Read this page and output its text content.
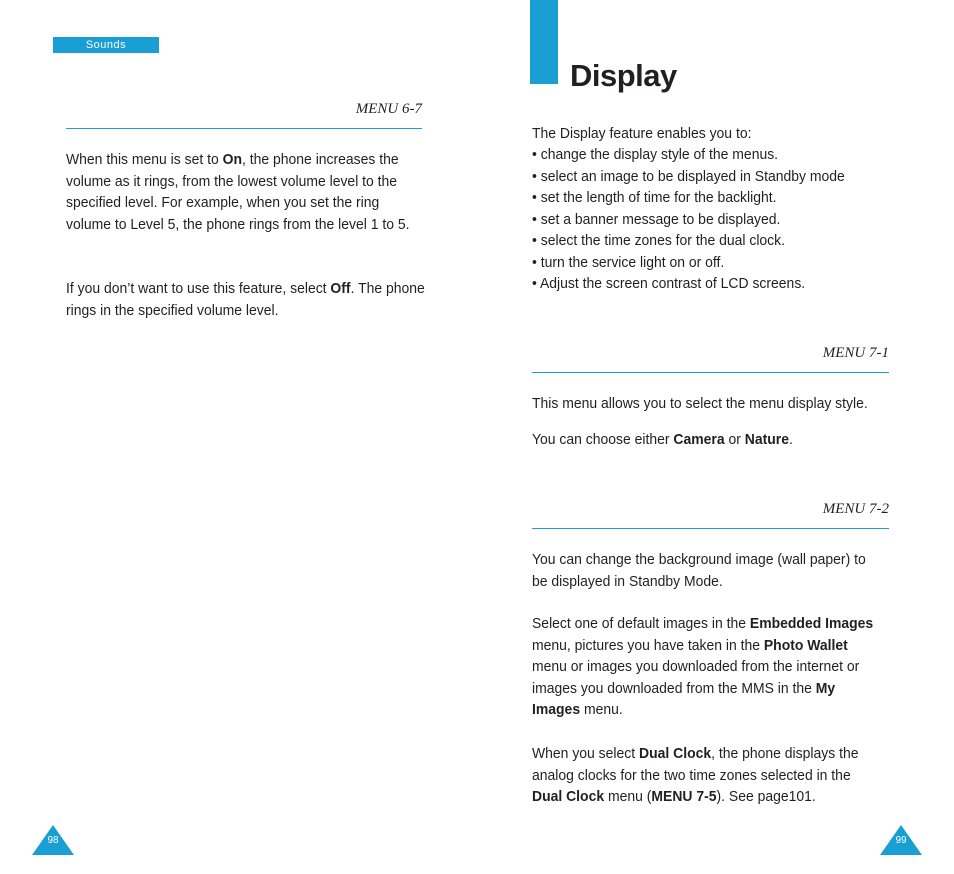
Sounds
MENU 6-7

When this menu is set to On, the phone increases the volume as it rings, from the lowest volume level to the specified level. For example, when you set the ring volume to Level 5, the phone rings from the level 1 to 5.

If you don’t want to use this feature, select Off. The phone rings in the specified volume level.

98
Display

The Display feature enables you to:

• change the display style of the menus.
• select an image to be displayed in Standby mode
• set the length of time for the backlight.
• set a banner message to be displayed.
• select the time zones for the dual clock.
• turn the service light on or off.
• Adjust the screen contrast of LCD screens.
MENU 7-1

This menu allows you to select the menu display style.

You can choose either Camera or Nature.

MENU 7-2

You can change the background image (wall paper) to be displayed in Standby Mode.

Select one of default images in the Embedded Images menu, pictures you have taken in the Photo Wallet menu or images you downloaded from the internet or images you downloaded from the MMS in the My Images menu.

When you select Dual Clock, the phone displays the analog clocks for the two time zones selected in the Dual Clock menu (MENU 7-5). See page101.

99
